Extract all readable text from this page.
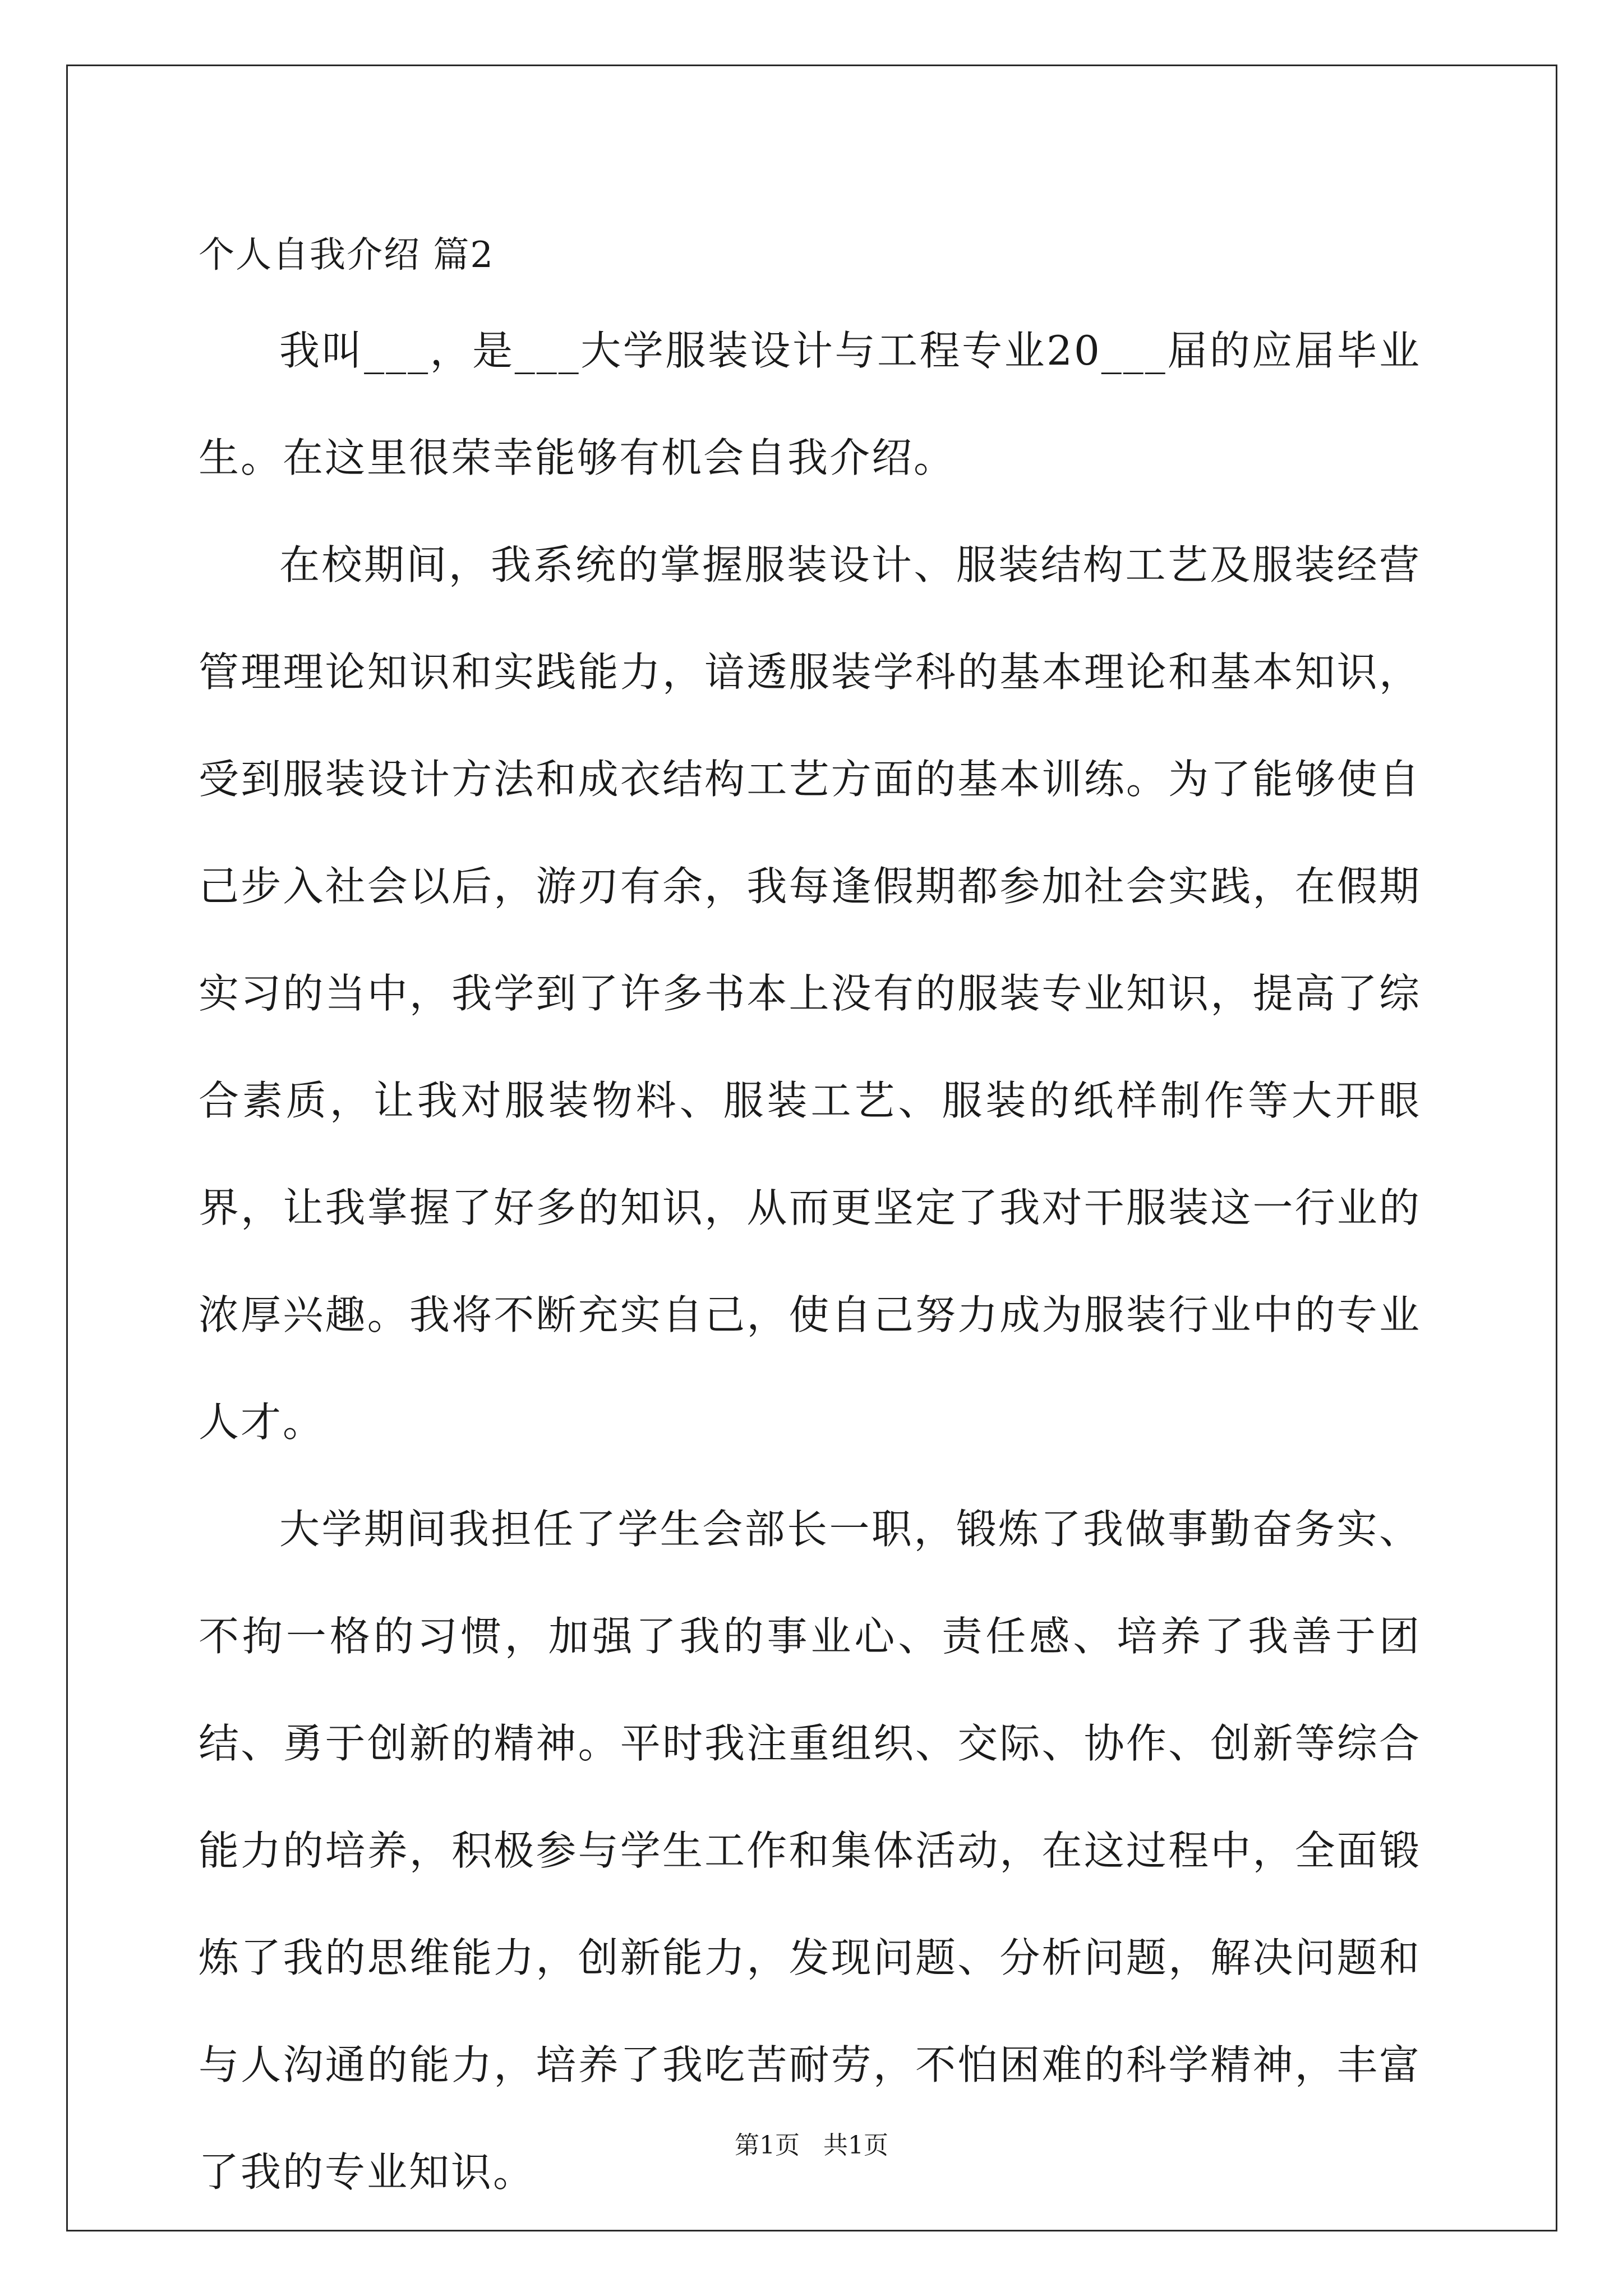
个人自我介绍 篇2

我叫___，是___大学服装设计与工程专业20___届的应届毕业生。在这里很荣幸能够有机会自我介绍。

在校期间，我系统的掌握服装设计、服装结构工艺及服装经营管理理论知识和实践能力，谙透服装学科的基本理论和基本知识，受到服装设计方法和成衣结构工艺方面的基本训练。为了能够使自己步入社会以后，游刃有余，我每逢假期都参加社会实践，在假期实习的当中，我学到了许多书本上没有的服装专业知识，提高了综合素质，让我对服装物料、服装工艺、服装的纸样制作等大开眼界，让我掌握了好多的知识，从而更坚定了我对干服装这一行业的浓厚兴趣。我将不断充实自己，使自己努力成为服装行业中的专业人才。

大学期间我担任了学生会部长一职，锻炼了我做事勤奋务实、不拘一格的习惯，加强了我的事业心、责任感、培养了我善于团结、勇于创新的精神。平时我注重组织、交际、协作、创新等综合能力的培养，积极参与学生工作和集体活动，在这过程中，全面锻炼了我的思维能力，创新能力，发现问题、分析问题，解决问题和与人沟通的能力，培养了我吃苦耐劳，不怕困难的科学精神，丰富了我的专业知识。

第1页   共1页
